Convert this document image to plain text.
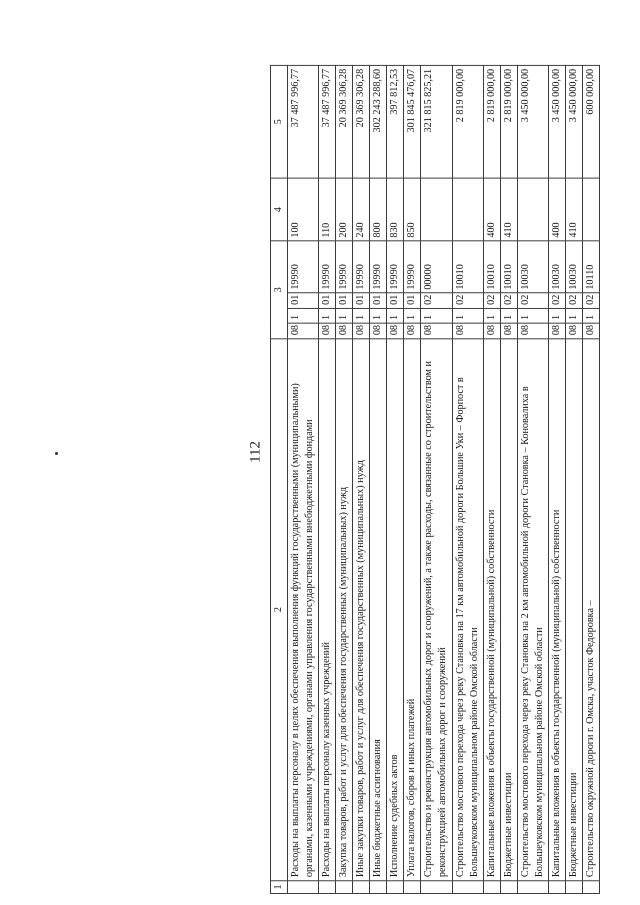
112
1	2	3				4	5
	Расходы на выплаты персоналу в целях обеспечения выполнения функций государственными (муниципальными) органами, казенными учреждениями, органами управления государственными внебюджетными фондами	08	1	01	19990	100	37 487 996,77
	Расходы на выплаты персоналу казенных учреждений	08	1	01	19990	110	37 487 996,77
	Закупка товаров, работ и услуг для обеспечения государственных (муниципальных) нужд	08	1	01	19990	200	20 369 306,28
	Иные закупки товаров, работ и услуг для обеспечения государственных (муниципальных) нужд	08	1	01	19990	240	20 369 306,28
	Иные бюджетные ассигнования	08	1	01	19990	800	302 243 288,60
	Исполнение судебных актов	08	1	01	19990	830	397 812,53
	Уплата налогов, сборов и иных платежей	08	1	01	19990	850	301 845 476,07
	Строительство и реконструкция автомобильных дорог и сооружений, а также расходы, связанные со строительством и реконструкцией автомобильных дорог и сооружений	08	1	02	00000		321 815 825,21
	Строительство мостового перехода через реку Становка на 17 км автомобильной дороги Большие Уки – Форпост в Большеуковском муниципальном районе Омской области	08	1	02	10010		2 819 000,00
	Капитальные вложения в объекты государственной (муниципальной) собственности	08	1	02	10010	400	2 819 000,00
	Бюджетные инвестиции	08	1	02	10010	410	2 819 000,00
	Строительство мостового перехода через реку Становка на 2 км автомобильной дороги Становка – Коновалиха в Большеуковском муниципальном районе Омской области	08	1	02	10030		3 450 000,00
	Капитальные вложения в объекты государственной (муниципальной) собственности	08	1	02	10030	400	3 450 000,00
	Бюджетные инвестиции	08	1	02	10030	410	3 450 000,00
	Строительство окружной дороги г. Омска, участок Федоровка –	08	1	02	10110		600 000,00
